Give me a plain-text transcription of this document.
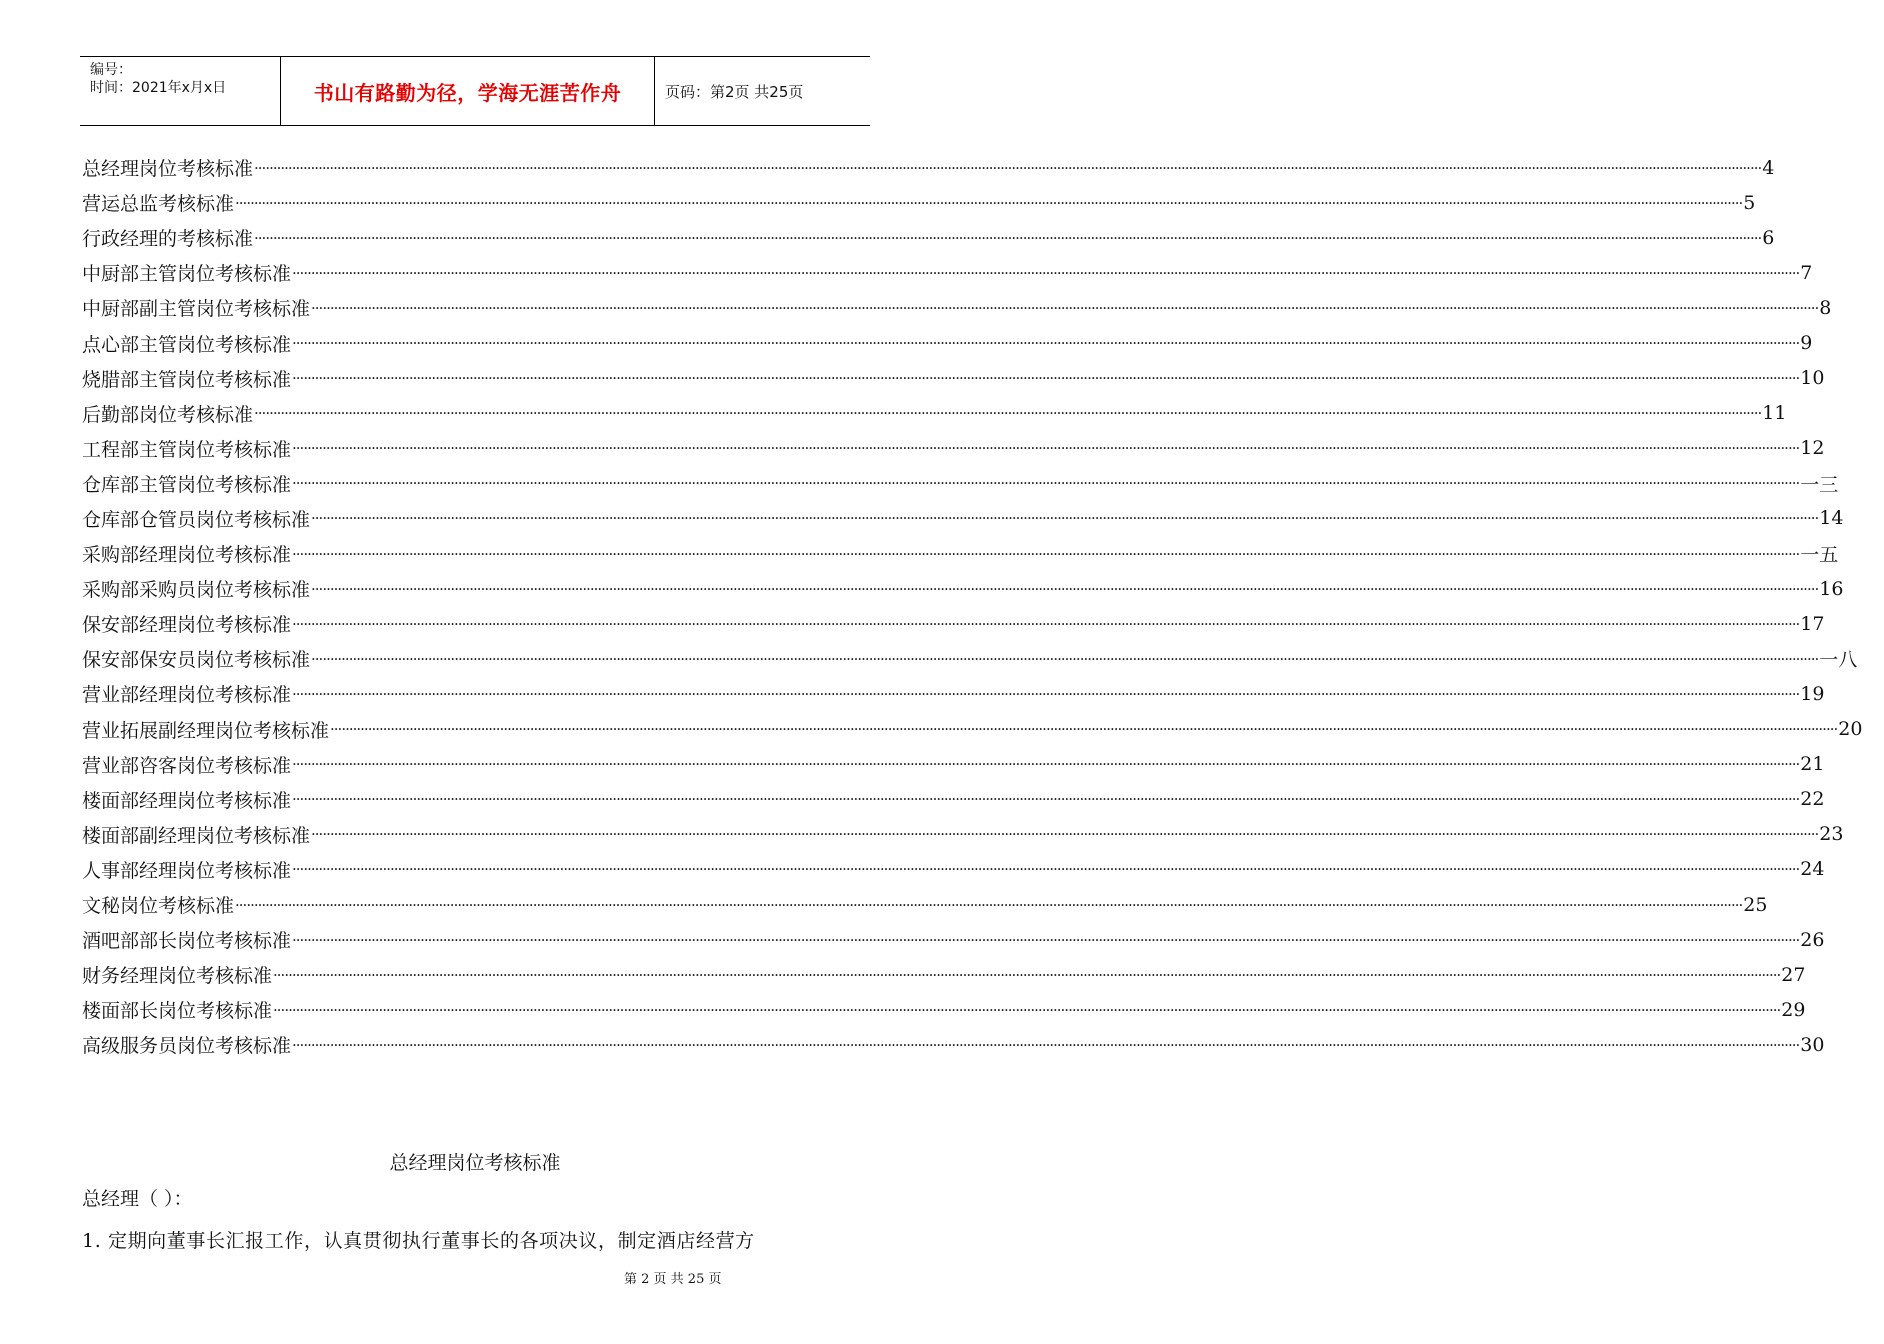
编号：
时间：2021年x月x日	书山有路勤为径，学海无涯苦作舟	页码：第2页 共25页
总经理岗位考核标准 ················································································································································································································································································································································································································ 4
营运总监考核标准 ················································································································································································································································································································································································································ 5
行政经理的考核标准 ················································································································································································································································································································································································································ 6
中厨部主管岗位考核标准 ················································································································································································································································································································································································································ 7
中厨部副主管岗位考核标准 ················································································································································································································································································································································································································ 8
点心部主管岗位考核标准 ················································································································································································································································································································································································································ 9
烧腊部主管岗位考核标准 ················································································································································································································································································································································································································ 10
后勤部岗位考核标准 ················································································································································································································································································································································································································ 11
工程部主管岗位考核标准 ················································································································································································································································································································································································································ 12
仓库部主管岗位考核标准 ················································································································································································································································································································································································································ 一三
仓库部仓管员岗位考核标准 ················································································································································································································································································································································································································ 14
采购部经理岗位考核标准 ················································································································································································································································································································································································································ 一五
采购部采购员岗位考核标准 ················································································································································································································································································································································································································ 16
保安部经理岗位考核标准 ················································································································································································································································································································································································································ 17
保安部保安员岗位考核标准 ················································································································································································································································································································································································································ 一八
营业部经理岗位考核标准 ················································································································································································································································································································································································································ 19
营业拓展副经理岗位考核标准 ················································································································································································································································································································································································································ 20
营业部咨客岗位考核标准 ················································································································································································································································································································································································································ 21
楼面部经理岗位考核标准 ················································································································································································································································································································································································································ 22
楼面部副经理岗位考核标准 ················································································································································································································································································································································································································ 23
人事部经理岗位考核标准 ················································································································································································································································································································································································································ 24
文秘岗位考核标准 ················································································································································································································································································································································································································ 25
酒吧部部长岗位考核标准 ················································································································································································································································································································································································································ 26
财务经理岗位考核标准 ················································································································································································································································································································································································································ 27
楼面部长岗位考核标准 ················································································································································································································································································································································································································ 29
高级服务员岗位考核标准 ················································································································································································································································································································································································································ 30
总经理岗位考核标准
总经理（ ）：
1. 定期向董事长汇报工作，认真贯彻执行董事长的各项决议，制定酒店经营方
第 2 页 共 25 页
